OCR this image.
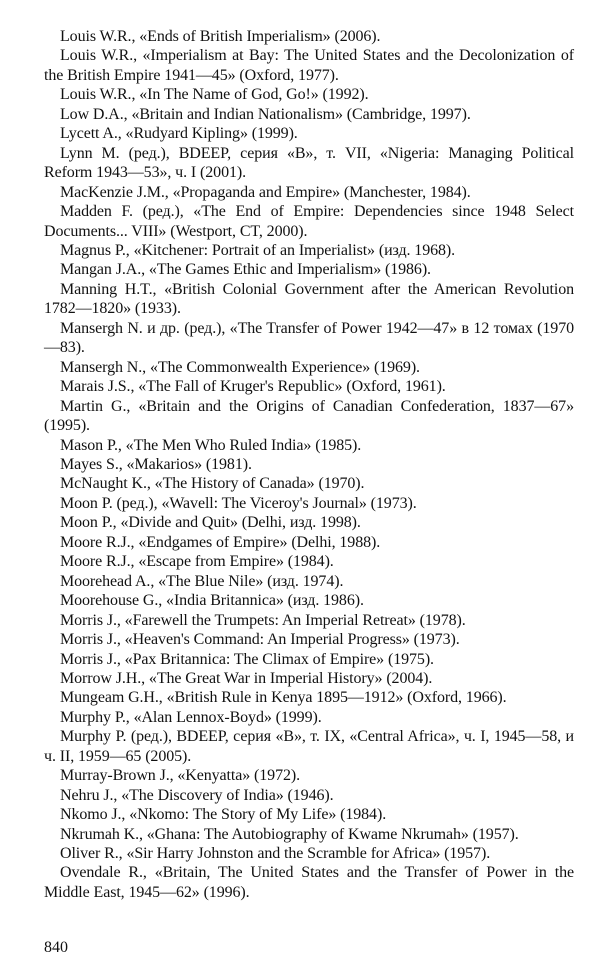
Louis W.R., «Ends of British Imperialism» (2006).

Louis W.R., «Imperialism at Bay: The United States and the Decolonization of the British Empire 1941—45» (Oxford, 1977).

Louis W.R., «In The Name of God, Go!» (1992).

Low D.A., «Britain and Indian Nationalism» (Cambridge, 1997).

Lycett A., «Rudyard Kipling» (1999).

Lynn M. (ред.), BDEEP, серия «B», т. VII, «Nigeria: Managing Political Reform 1943—53», ч. I (2001).

MacKenzie J.M., «Propaganda and Empire» (Manchester, 1984).

Madden F. (ред.), «The End of Empire: Dependencies since 1948 Select Documents... VIII» (Westport, CT, 2000).

Magnus P., «Kitchener: Portrait of an Imperialist» (изд. 1968).

Mangan J.A., «The Games Ethic and Imperialism» (1986).

Manning H.T., «British Colonial Government after the American Revolution 1782—1820» (1933).

Mansergh N. и др. (ред.), «The Transfer of Power 1942—47» в 12 томах (1970—83).

Mansergh N., «The Commonwealth Experience» (1969).

Marais J.S., «The Fall of Kruger's Republic» (Oxford, 1961).

Martin G., «Britain and the Origins of Canadian Confederation, 1837—67» (1995).

Mason P., «The Men Who Ruled India» (1985).

Mayes S., «Makarios» (1981).

McNaught K., «The History of Canada» (1970).

Moon P. (ред.), «Wavell: The Viceroy's Journal» (1973).

Moon P., «Divide and Quit» (Delhi, изд. 1998).

Moore R.J., «Endgames of Empire» (Delhi, 1988).

Moore R.J., «Escape from Empire» (1984).

Moorehead A., «The Blue Nile» (изд. 1974).

Moorehouse G., «India Britannica» (изд. 1986).

Morris J., «Farewell the Trumpets: An Imperial Retreat» (1978).

Morris J., «Heaven's Command: An Imperial Progress» (1973).

Morris J., «Pax Britannica: The Climax of Empire» (1975).

Morrow J.H., «The Great War in Imperial History» (2004).

Mungeam G.H., «British Rule in Kenya 1895—1912» (Oxford, 1966).

Murphy P., «Alan Lennox-Boyd» (1999).

Murphy P. (ред.), BDEEP, серия «B», т. IX, «Central Africa», ч. I, 1945—58, и ч. II, 1959—65 (2005).

Murray-Brown J., «Kenyatta» (1972).

Nehru J., «The Discovery of India» (1946).

Nkomo J., «Nkomo: The Story of My Life» (1984).

Nkrumah K., «Ghana: The Autobiography of Kwame Nkrumah» (1957).

Oliver R., «Sir Harry Johnston and the Scramble for Africa» (1957).

Ovendale R., «Britain, The United States and the Transfer of Power in the Middle East, 1945—62» (1996).

840
